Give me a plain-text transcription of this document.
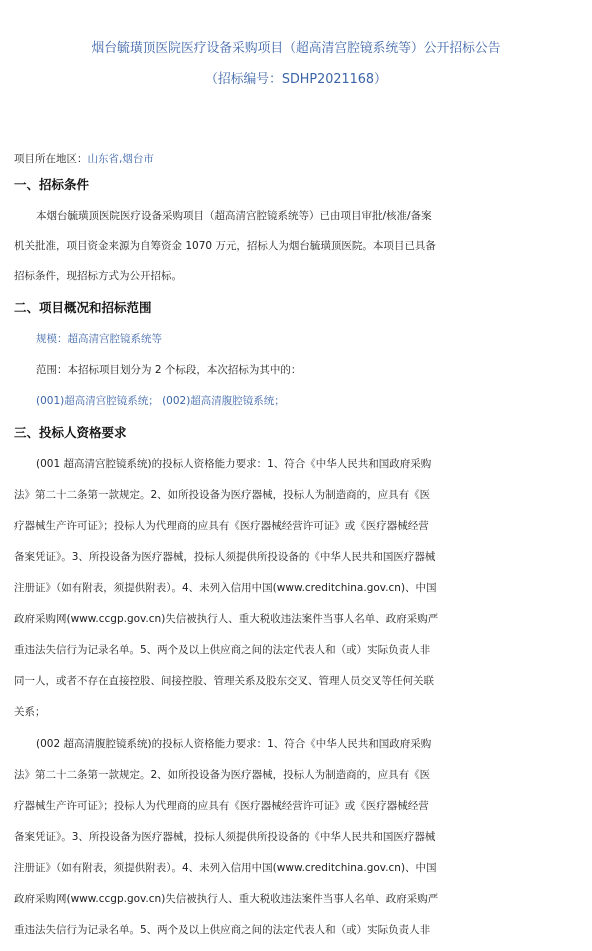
烟台毓璜顶医院医疗设备采购项目（超高清宫腔镜系统等）公开招标公告
（招标编号：SDHP2021168）
项目所在地区：山东省,烟台市
一、招标条件
本烟台毓璜顶医院医疗设备采购项目（超高清宫腔镜系统等）已由项目审批/核准/备案
机关批准，项目资金来源为自筹资金 1070 万元，招标人为烟台毓璜顶医院。本项目已具备
招标条件，现招标方式为公开招标。
二、项目概况和招标范围
规模：超高清宫腔镜系统等
范围：本招标项目划分为 2 个标段，本次招标为其中的：
(001)超高清宫腔镜系统； (002)超高清腹腔镜系统；
三、投标人资格要求
(001 超高清宫腔镜系统)的投标人资格能力要求：1、符合《中华人民共和国政府采购
法》第二十二条第一款规定。2、如所投设备为医疗器械，投标人为制造商的，应具有《医
疗器械生产许可证》；投标人为代理商的应具有《医疗器械经营许可证》或《医疗器械经营
备案凭证》。3、所投设备为医疗器械，投标人须提供所投设备的《中华人民共和国医疗器械
注册证》（如有附表，须提供附表）。4、未列入信用中国(www.creditchina.gov.cn)、中国
政府采购网(www.ccgp.gov.cn)失信被执行人、重大税收违法案件当事人名单、政府采购严
重违法失信行为记录名单。5、两个及以上供应商之间的法定代表人和（或）实际负责人非
同一人，或者不存在直接控股、间接控股、管理关系及股东交叉、管理人员交叉等任何关联
关系；
(002 超高清腹腔镜系统)的投标人资格能力要求：1、符合《中华人民共和国政府采购
法》第二十二条第一款规定。2、如所投设备为医疗器械，投标人为制造商的，应具有《医
疗器械生产许可证》；投标人为代理商的应具有《医疗器械经营许可证》或《医疗器械经营
备案凭证》。3、所投设备为医疗器械，投标人须提供所投设备的《中华人民共和国医疗器械
注册证》（如有附表，须提供附表）。4、未列入信用中国(www.creditchina.gov.cn)、中国
政府采购网(www.ccgp.gov.cn)失信被执行人、重大税收违法案件当事人名单、政府采购严
重违法失信行为记录名单。5、两个及以上供应商之间的法定代表人和（或）实际负责人非
